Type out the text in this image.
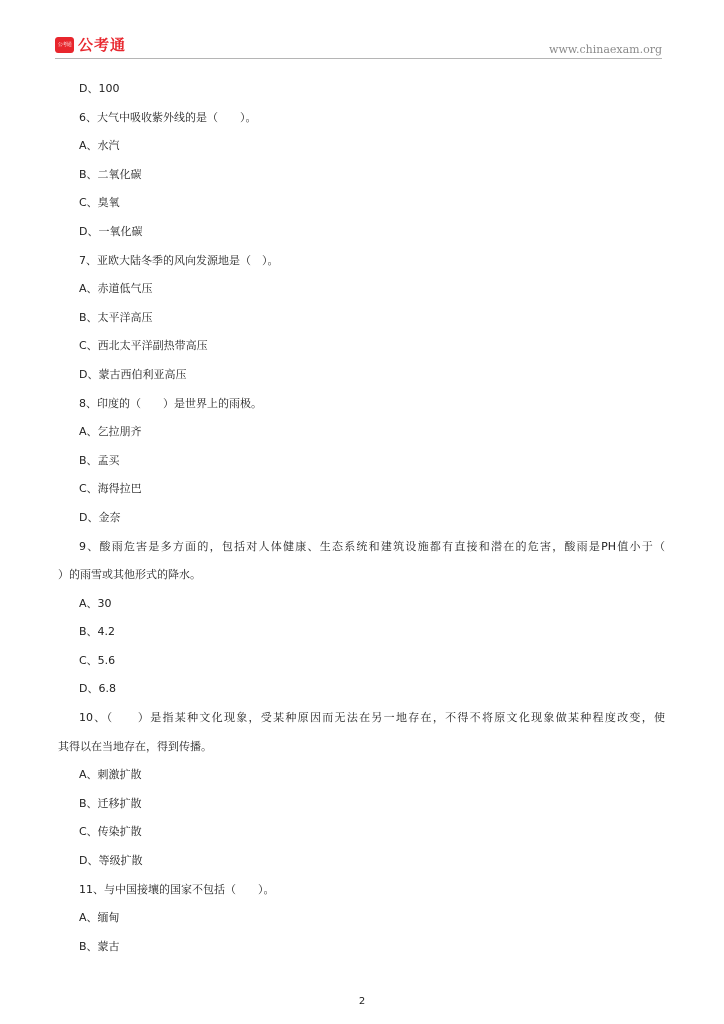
公考通 公考通	www.chinaexam.org
D、100
6、大气中吸收紫外线的是（　　）。
A、水汽
B、二氧化碳
C、臭氧
D、一氧化碳
7、亚欧大陆冬季的风向发源地是（　）。
A、赤道低气压
B、太平洋高压
C、西北太平洋副热带高压
D、蒙古西伯利亚高压
8、印度的（　　）是世界上的雨极。
A、乞拉朋齐
B、孟买
C、海得拉巴
D、金奈
9、酸雨危害是多方面的，包括对人体健康、生态系统和建筑设施都有直接和潜在的危害，酸雨是PH值小于（
）的雨雪或其他形式的降水。
A、30
B、4.2
C、5.6
D、6.8
10、（　　）是指某种文化现象，受某种原因而无法在另一地存在，不得不将原文化现象做某种程度改变，使
其得以在当地存在，得到传播。
A、刺激扩散
B、迁移扩散
C、传染扩散
D、等级扩散
11、与中国接壤的国家不包括（　　）。
A、缅甸
B、蒙古
2
